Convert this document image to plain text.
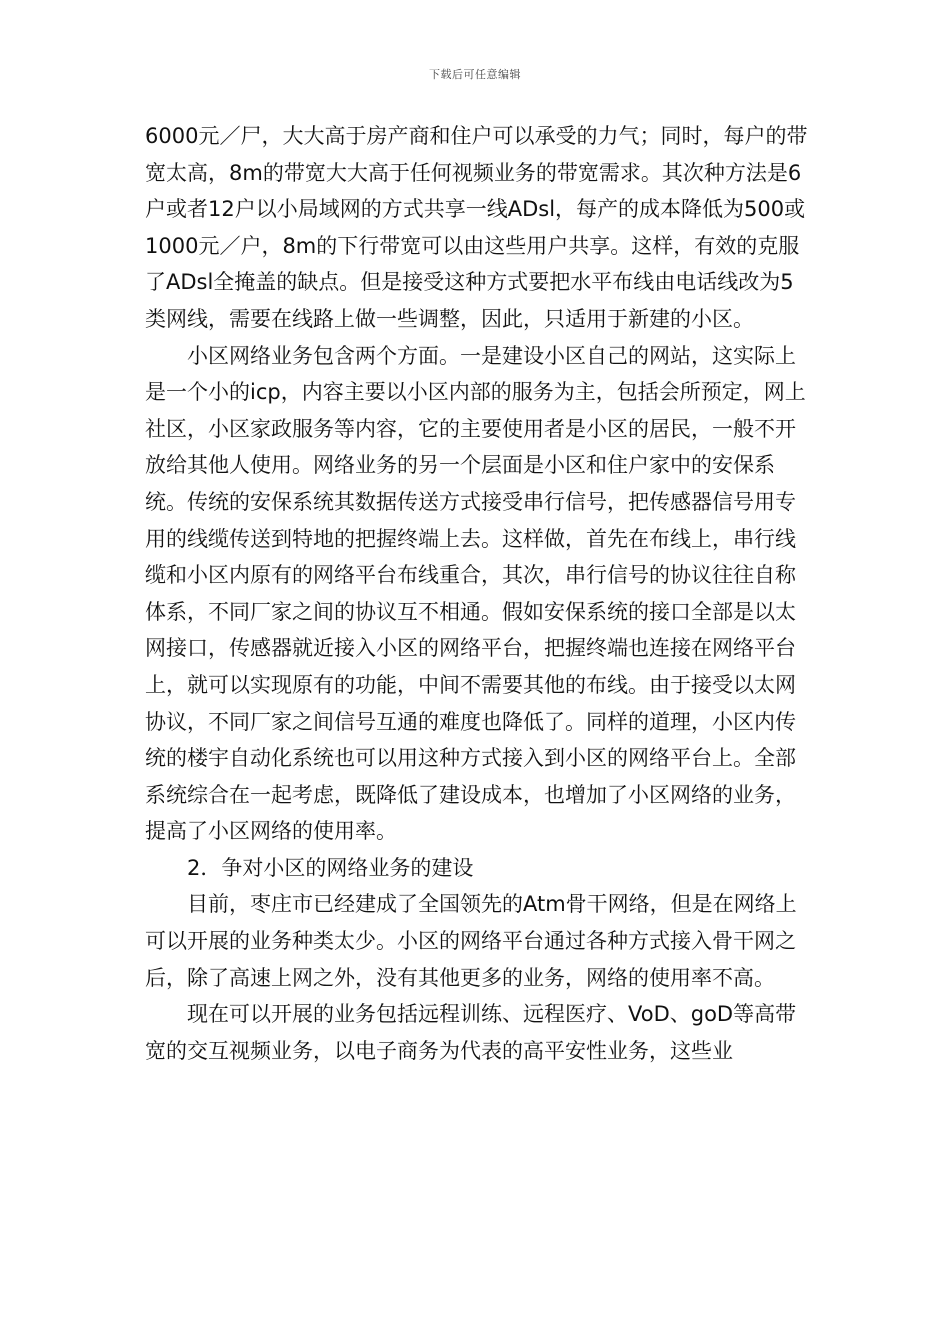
下载后可任意编辑

6000元／尸，大大高于房产商和住户可以承受的力气；同时，每户的带宽太高，8m的带宽大大高于任何视频业务的带宽需求。其次种方法是6户或者12户以小局域网的方式共享一线ADsl，每产的成本降低为500或1000元／户，8m的下行带宽可以由这些用户共享。这样，有效的克服了ADsl全掩盖的缺点。但是接受这种方式要把水平布线由电话线改为5类网线，需要在线路上做一些调整，因此，只适用于新建的小区。

小区网络业务包含两个方面。一是建设小区自己的网站，这实际上是一个小的icp，内容主要以小区内部的服务为主，包括会所预定，网上社区，小区家政服务等内容，它的主要使用者是小区的居民，一般不开放给其他人使用。网络业务的另一个层面是小区和住户家中的安保系统。传统的安保系统其数据传送方式接受串行信号，把传感器信号用专用的线缆传送到特地的把握终端上去。这样做，首先在布线上，串行线缆和小区内原有的网络平台布线重合，其次，串行信号的协议往往自称体系，不同厂家之间的协议互不相通。假如安保系统的接口全部是以太网接口，传感器就近接入小区的网络平台，把握终端也连接在网络平台上，就可以实现原有的功能，中间不需要其他的布线。由于接受以太网协议，不同厂家之间信号互通的难度也降低了。同样的道理，小区内传统的楼宇自动化系统也可以用这种方式接入到小区的网络平台上。全部系统综合在一起考虑，既降低了建设成本，也增加了小区网络的业务，提高了小区网络的使用率。

2．争对小区的网络业务的建设

目前，枣庄市已经建成了全国领先的Atm骨干网络，但是在网络上可以开展的业务种类太少。小区的网络平台通过各种方式接入骨干网之后，除了高速上网之外，没有其他更多的业务，网络的使用率不高。

现在可以开展的业务包括远程训练、远程医疗、VoD、goD等高带宽的交互视频业务，以电子商务为代表的高平安性业务，这些业
